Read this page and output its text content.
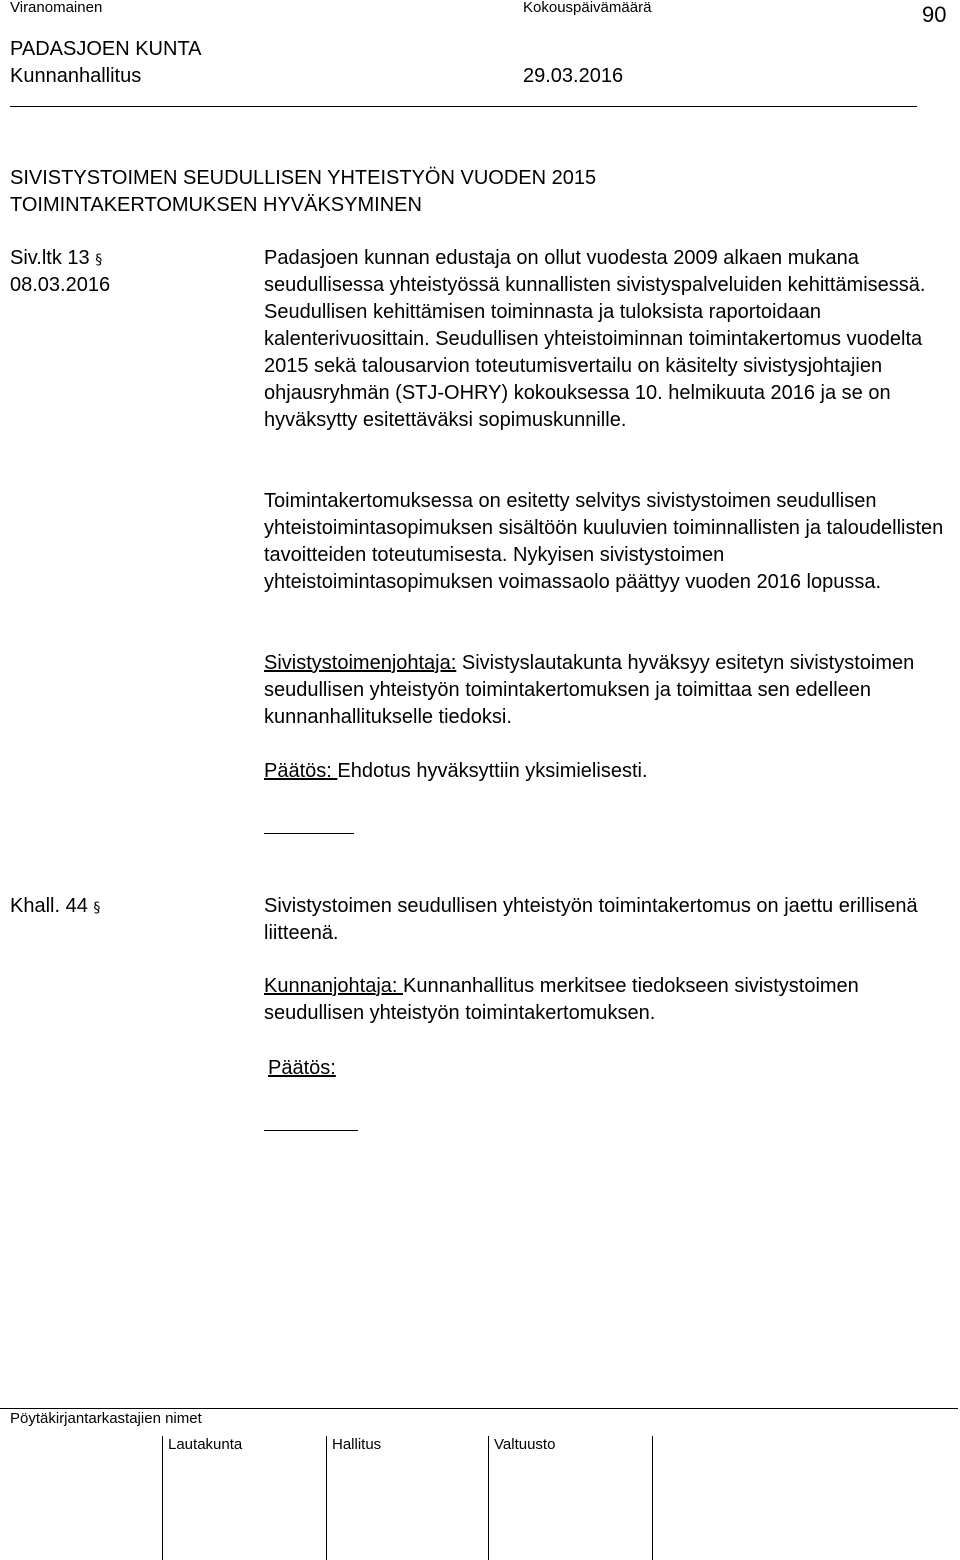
Viranomainen	Kokouspäivämäärä	90
PADASJOEN KUNTA
Kunnanhallitus	29.03.2016
SIVISTYSTOIMEN SEUDULLISEN YHTEISTYÖN VUODEN 2015
TOIMINTAKERTOMUKSEN HYVÄKSYMINEN
Siv.ltk 13 §
08.03.2016

Padasjoen kunnan edustaja on ollut vuodesta 2009 alkaen mukana seudullisessa yhteistyössä kunnallisten sivistyspalveluiden kehittämisessä. Seudullisen kehittämisen toiminnasta ja tuloksista raportoidaan kalenterivuosittain. Seudullisen yhteistoiminnan toimintakertomus vuodelta 2015 sekä talousarvion toteutumisvertailu on käsitelty sivistysjohtajien ohjausryhmän (STJ-OHRY) kokouksessa 10. helmikuuta 2016 ja se on hyväksytty esitettäväksi sopimuskunnille.

Toimintakertomuksessa on esitetty selvitys sivistystoimen seudullisen yhteistoimintasopimuksen sisältöön kuuluvien toiminnallisten ja taloudellisten tavoitteiden toteutumisesta. Nykyisen sivistystoimen yhteistoimintasopimuksen voimassaolo päättyy vuoden 2016 lopussa.

Sivistystoimenjohtaja: Sivistyslautakunta hyväksyy esitetyn sivistystoimen seudullisen yhteistyön toimintakertomuksen ja toimittaa sen edelleen kunnanhallitukselle tiedoksi.

Päätös: Ehdotus hyväksyttiin yksimielisesti.

Khall. 44 §	Sivistystoimen seudullisen yhteistyön toimintakertomus on jaettu erillisenä liitteenä.

Kunnanjohtaja: Kunnanhallitus merkitsee tiedokseen sivistystoimen seudullisen yhteistyön toimintakertomuksen.

Päätös:
Pöytäkirjantarkastajien nimet
Lautakunta	Hallitus	Valtuusto
